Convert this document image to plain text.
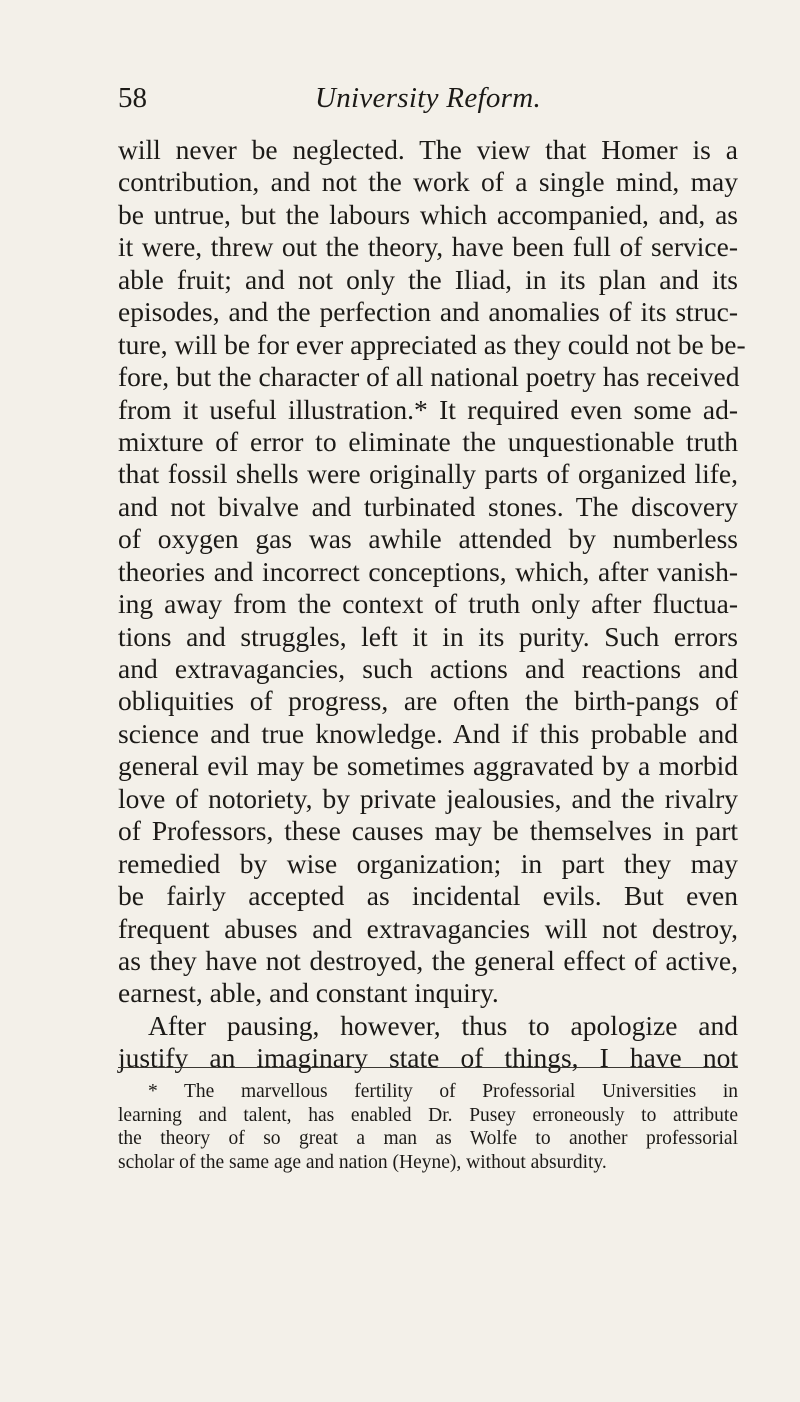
58	University Reform.
will never be neglected. The view that Homer is a
contribution, and not the work of a single mind, may
be untrue, but the labours which accompanied, and, as
it were, threw out the theory, have been full of service-
able fruit; and not only the Iliad, in its plan and its
episodes, and the perfection and anomalies of its struc-
ture, will be for ever appreciated as they could not be be-
fore, but the character of all national poetry has received
from it useful illustration.* It required even some ad-
mixture of error to eliminate the unquestionable truth
that fossil shells were originally parts of organized life,
and not bivalve and turbinated stones. The discovery
of oxygen gas was awhile attended by numberless
theories and incorrect conceptions, which, after vanish-
ing away from the context of truth only after fluctua-
tions and struggles, left it in its purity. Such errors
and extravagancies, such actions and reactions and
obliquities of progress, are often the birth-pangs of
science and true knowledge. And if this probable and
general evil may be sometimes aggravated by a morbid
love of notoriety, by private jealousies, and the rivalry
of Professors, these causes may be themselves in part
remedied by wise organization; in part they may
be fairly accepted as incidental evils. But even
frequent abuses and extravagancies will not destroy,
as they have not destroyed, the general effect of active,
earnest, able, and constant inquiry.
After pausing, however, thus to apologize and
justify an imaginary state of things, I have not
* The marvellous fertility of Professorial Universities in
learning and talent, has enabled Dr. Pusey erroneously to attribute
the theory of so great a man as Wolfe to another professorial
scholar of the same age and nation (Heyne), without absurdity.
